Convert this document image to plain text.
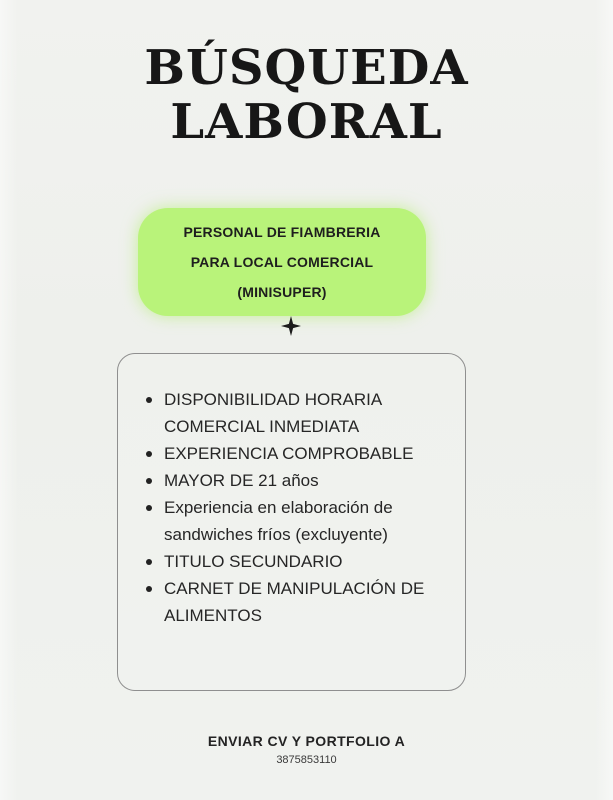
BÚSQUEDA
LABORAL

PERSONAL DE FIAMBRERIA

PARA LOCAL COMERCIAL

(MINISUPER)

DISPONIBILIDAD HORARIA COMERCIAL INMEDIATA
EXPERIENCIA COMPROBABLE
MAYOR DE 21 años
Experiencia en elaboración de sandwiches fríos (excluyente)
TITULO SECUNDARIO
CARNET DE MANIPULACIÓN DE ALIMENTOS

ENVIAR CV Y PORTFOLIO A

3875853110
